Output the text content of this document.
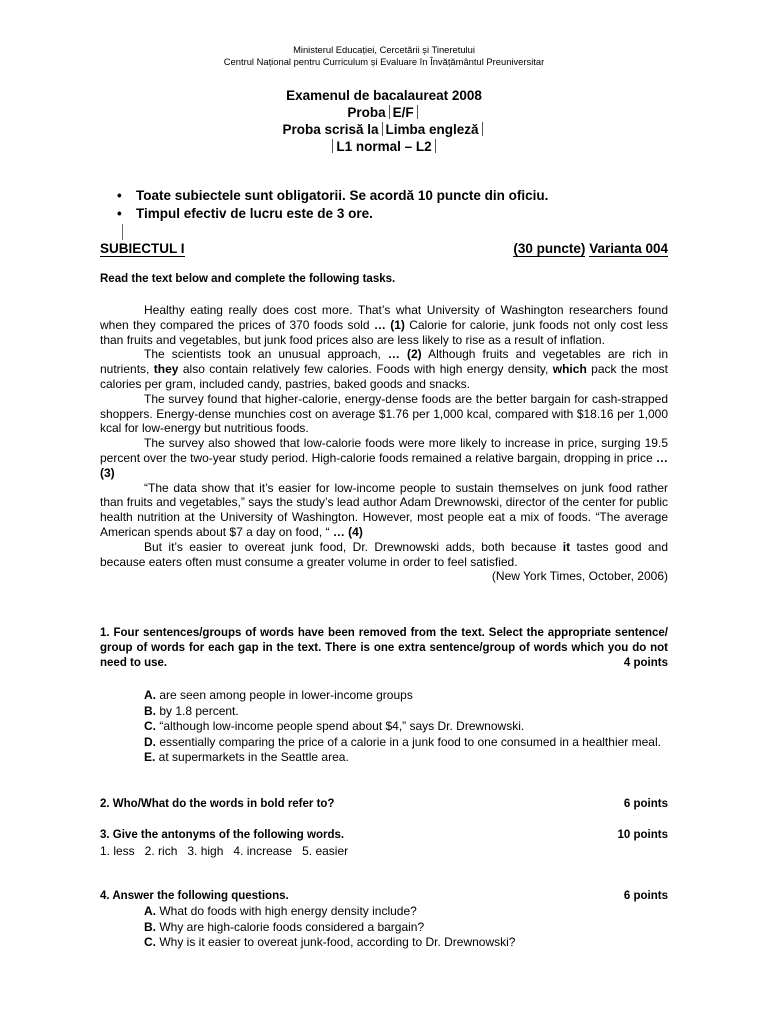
Ministerul Educației, Cercetării și Tineretului
Centrul Național pentru Curriculum și Evaluare în Învățământul Preuniversitar
Examenul de bacalaureat 2008
Proba E/F
Proba scrisă la Limba engleză
L1 normal – L2
• Toate subiectele sunt obligatorii. Se acordă 10 puncte din oficiu.
• Timpul efectiv de lucru este de 3 ore.
SUBIECTUL I	(30 puncte) Varianta 004
Read the text below and complete the following tasks.

Healthy eating really does cost more. That’s what University of Washington researchers found when they compared the prices of 370 foods sold … (1) Calorie for calorie, junk foods not only cost less than fruits and vegetables, but junk food prices also are less likely to rise as a result of inflation.

The scientists took an unusual approach, … (2) Although fruits and vegetables are rich in nutrients, they also contain relatively few calories. Foods with high energy density, which pack the most calories per gram, included candy, pastries, baked goods and snacks.

The survey found that higher-calorie, energy-dense foods are the better bargain for cash-strapped shoppers. Energy-dense munchies cost on average $1.76 per 1,000 kcal, compared with $18.16 per 1,000 kcal for low-energy but nutritious foods.

The survey also showed that low-calorie foods were more likely to increase in price, surging 19.5 percent over the two-year study period. High-calorie foods remained a relative bargain, dropping in price … (3)

“The data show that it’s easier for low-income people to sustain themselves on junk food rather than fruits and vegetables,” says the study’s lead author Adam Drewnowski, director of the center for public health nutrition at the University of Washington. However, most people eat a mix of foods. “The average American spends about $7 a day on food, “ … (4)

But it’s easier to overeat junk food, Dr. Drewnowski adds, both because it tastes good and because eaters often must consume a greater volume in order to feel satisfied.

(New York Times, October, 2006)

1. Four sentences/groups of words have been removed from the text. Select the appropriate sentence/ group of words for each gap in the text. There is one extra sentence/group of words which you do not need to use.	4 points
A. are seen among people in lower-income groups
B. by 1.8 percent.
C. “although low-income people spend about $4,” says Dr. Drewnowski.
D. essentially comparing the price of a calorie in a junk food to one consumed in a healthier meal.
E. at supermarkets in the Seattle area.
2. Who/What do the words in bold refer to?	6 points
3. Give the antonyms of the following words.	10 points
1. less   2. rich   3. high   4. increase   5. easier
4. Answer the following questions.	6 points
A. What do foods with high energy density include?
B. Why are high-calorie foods considered a bargain?
C. Why is it easier to overeat junk-food, according to Dr. Drewnowski?
